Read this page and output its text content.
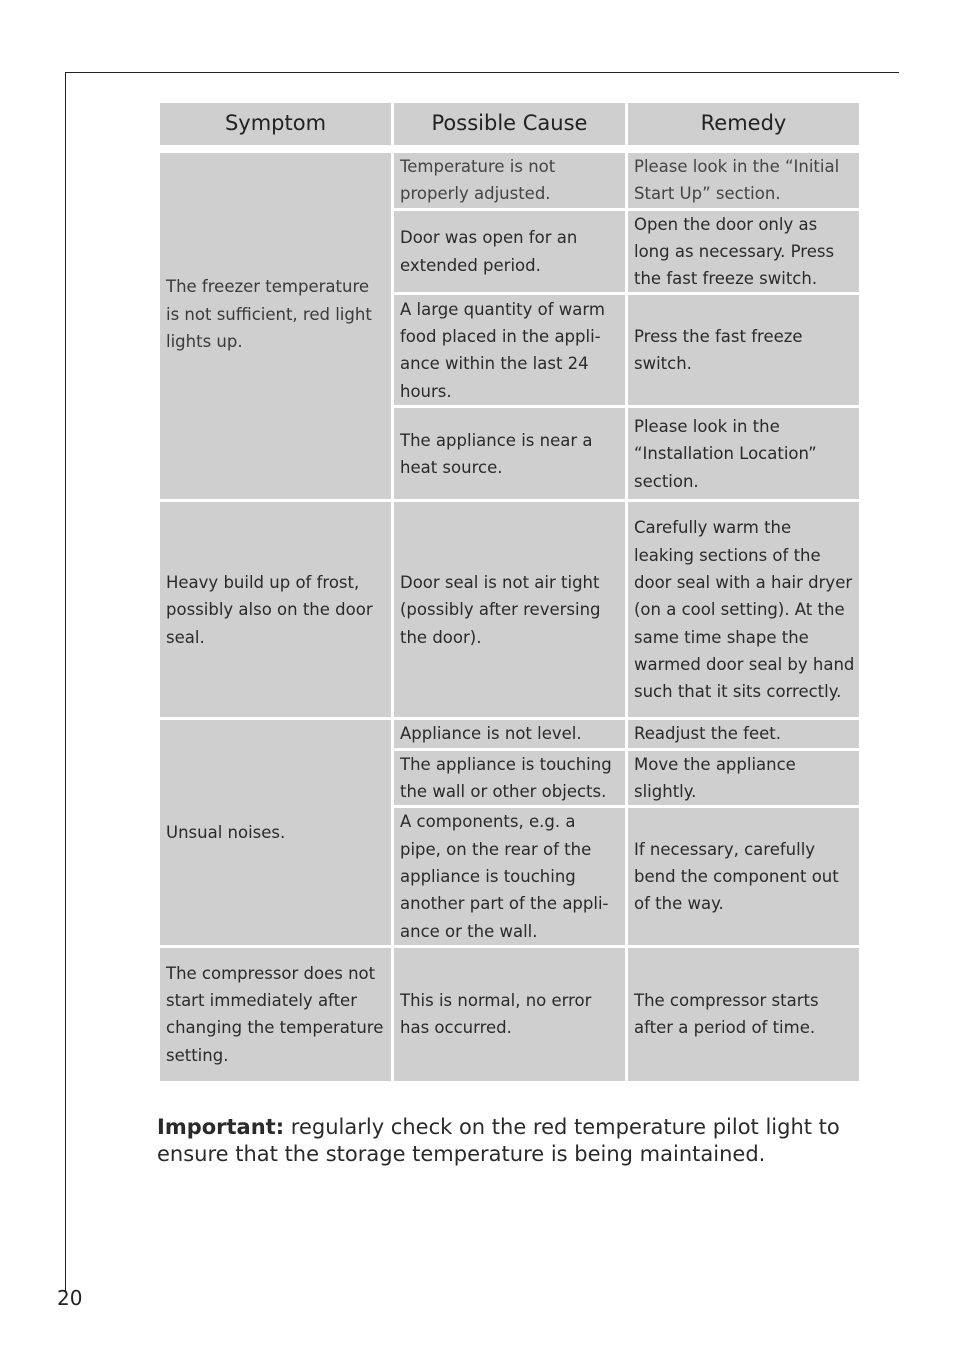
Symptom	Possible Cause	Remedy

The freezer temperature is not sufficient, red light lights up.	Temperature is not properly adjusted.	Please look in the “Initial Start Up” section.
	Door was open for an extended period.	Open the door only as long as necessary. Press the fast freeze switch.
	A large quantity of warm food placed in the appli-ance within the last 24 hours.	Press the fast freeze switch.
	The appliance is near a heat source.	Please look in the “Installation Location” section.
Heavy build up of frost, possibly also on the door seal.	Door seal is not air tight (possibly after reversing the door).	Carefully warm the leaking sections of the door seal with a hair dryer (on a cool setting). At the same time shape the warmed door seal by hand such that it sits correctly.
Unsual noises.	Appliance is not level.	Readjust the feet.
	The appliance is touching the wall or other objects.	Move the appliance slightly.
	A components, e.g. a pipe, on the rear of the appliance is touching another part of the appli-ance or the wall.	If necessary, carefully bend the component out of the way.
The compressor does not start immediately after changing the temperature setting.	This is normal, no error has occurred.	The compressor starts after a period of time.
Important: regularly check on the red temperature pilot light to ensure that the storage temperature is being maintained.
20
